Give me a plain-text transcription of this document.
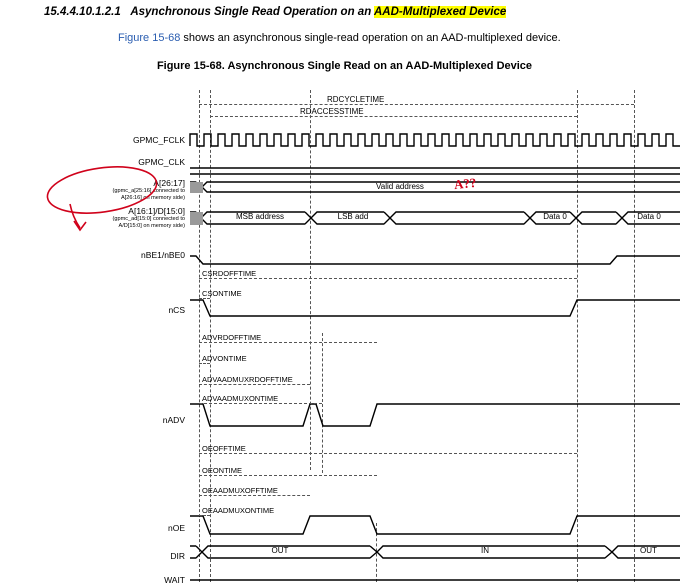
15.4.4.10.1.2.1 Asynchronous Single Read Operation on an AAD-Multiplexed Device
Figure 15-68 shows an asynchronous single-read operation on an AAD-multiplexed device.
Figure 15-68. Asynchronous Single Read on an AAD-Multiplexed Device
RDCYCLETIME
RDACCESSTIME
GPMC_FCLK
GPMC_CLK
A[26:17]
(gpmc_a[25:16] connected to
A[26:16] on memory side)
A[16:1]/D[15:0]
(gpmc_ad[15:0] connected to
A/D[15:0] on memory side)
nBE1/nBE0
nCS
nADV
nOE
DIR
WAIT
Valid address
MSB address	LSB add	Data 0	Data 0
OUT	IN	OUT
CSRDOFFTIME
CSONTIME
ADVRDOFFTIME
ADVONTIME
ADVAADMUXRDOFFTIME
ADVAADMUXONTIME
OEOFFTIME
OEONTIME
OEAADMUXOFFTIME
OEAADMUXONTIME
A??
